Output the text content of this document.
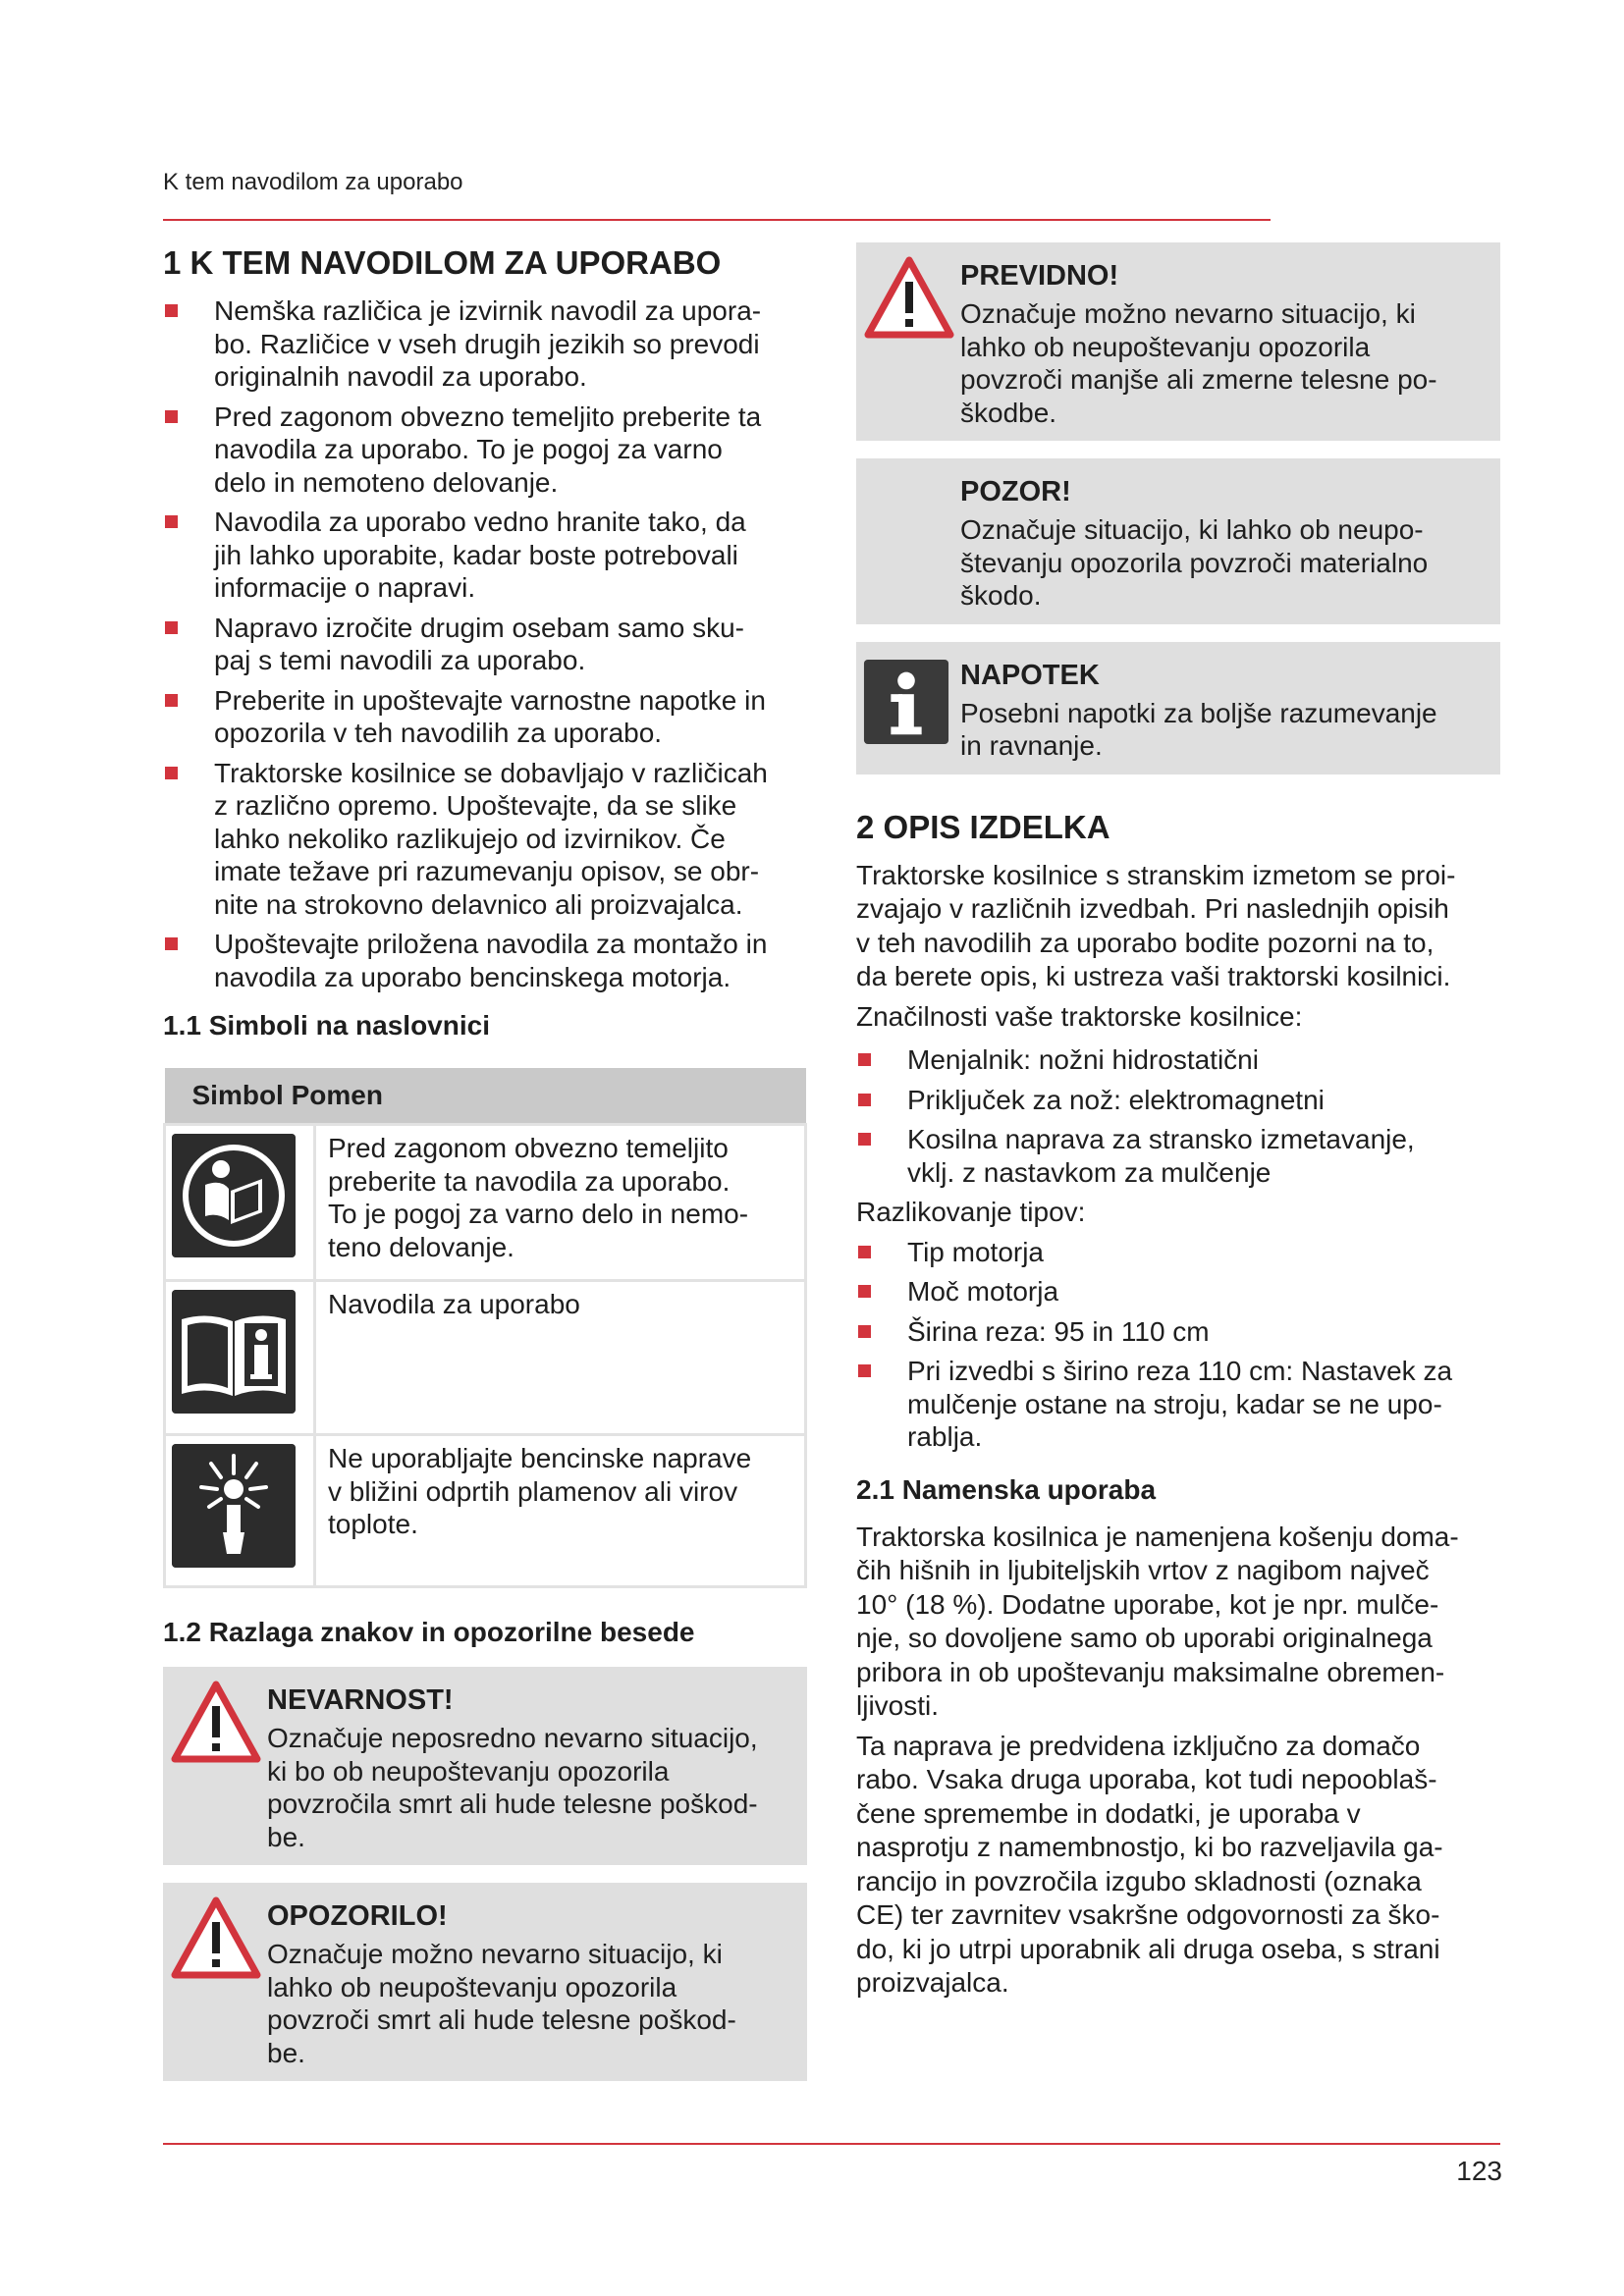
K tem navodilom za uporabo
1 K TEM NAVODILOM ZA UPORABO
Nemška različica je izvirnik navodil za upora-
bo. Različice v vseh drugih jezikih so prevodi
originalnih navodil za uporabo.
Pred zagonom obvezno temeljito preberite ta
navodila za uporabo. To je pogoj za varno
delo in nemoteno delovanje.
Navodila za uporabo vedno hranite tako, da
jih lahko uporabite, kadar boste potrebovali
informacije o napravi.
Napravo izročite drugim osebam samo sku-
paj s temi navodili za uporabo.
Preberite in upoštevajte varnostne napotke in
opozorila v teh navodilih za uporabo.
Traktorske kosilnice se dobavljajo v različicah
z različno opremo. Upoštevajte, da se slike
lahko nekoliko razlikujejo od izvirnikov. Če
imate težave pri razumevanju opisov, se obr-
nite na strokovno delavnico ali proizvajalca.
Upoštevajte priložena navodila za montažo in
navodila za uporabo bencinskega motorja.
1.1 Simboli na naslovnici
Simbol Pomen	

	Pred zagonom obvezno temeljito
preberite ta navodila za uporabo.
To je pogoj za varno delo in nemo-
teno delovanje.

	Navodila za uporabo

	Ne uporabljajte bencinske naprave
v bližini odprtih plamenov ali virov
toplote.
1.2 Razlaga znakov in opozorilne besede
NEVARNOST!
Označuje neposredno nevarno situacijo,
ki bo ob neupoštevanju opozorila
povzročila smrt ali hude telesne poškod-
be.
OPOZORILO!
Označuje možno nevarno situacijo, ki
lahko ob neupoštevanju opozorila
povzroči smrt ali hude telesne poškod-
be.
PREVIDNO!
Označuje možno nevarno situacijo, ki
lahko ob neupoštevanju opozorila
povzroči manjše ali zmerne telesne po-
škodbe.
POZOR!
Označuje situacijo, ki lahko ob neupo-
števanju opozorila povzroči materialno
škodo.
NAPOTEK
Posebni napotki za boljše razumevanje
in ravnanje.
2 OPIS IZDELKA

Traktorske kosilnice s stranskim izmetom se proi-
zvajajo v različnih izvedbah. Pri naslednjih opisih
v teh navodilih za uporabo bodite pozorni na to,
da berete opis, ki ustreza vaši traktorski kosilnici.

Značilnosti vaše traktorske kosilnice:

Menjalnik: nožni hidrostatični
Priključek za nož: elektromagnetni
Kosilna naprava za stransko izmetavanje,
vklj. z nastavkom za mulčenje

Razlikovanje tipov:

Tip motorja
Moč motorja
Širina reza: 95 in 110 cm
Pri izvedbi s širino reza 110 cm: Nastavek za
mulčenje ostane na stroju, kadar se ne upo-
rablja.
2.1 Namenska uporaba

Traktorska kosilnica je namenjena košenju doma-
čih hišnih in ljubiteljskih vrtov z nagibom največ
10° (18 %). Dodatne uporabe, kot je npr. mulče-
nje, so dovoljene samo ob uporabi originalnega
pribora in ob upoštevanju maksimalne obremen-
ljivosti.

Ta naprava je predvidena izključno za domačo
rabo. Vsaka druga uporaba, kot tudi nepooblaš-
čene spremembe in dodatki, je uporaba v
nasprotju z namembnostjo, ki bo razveljavila ga-
rancijo in povzročila izgubo skladnosti (oznaka
CE) ter zavrnitev vsakršne odgovornosti za ško-
do, ki jo utrpi uporabnik ali druga oseba, s strani
proizvajalca.

123
